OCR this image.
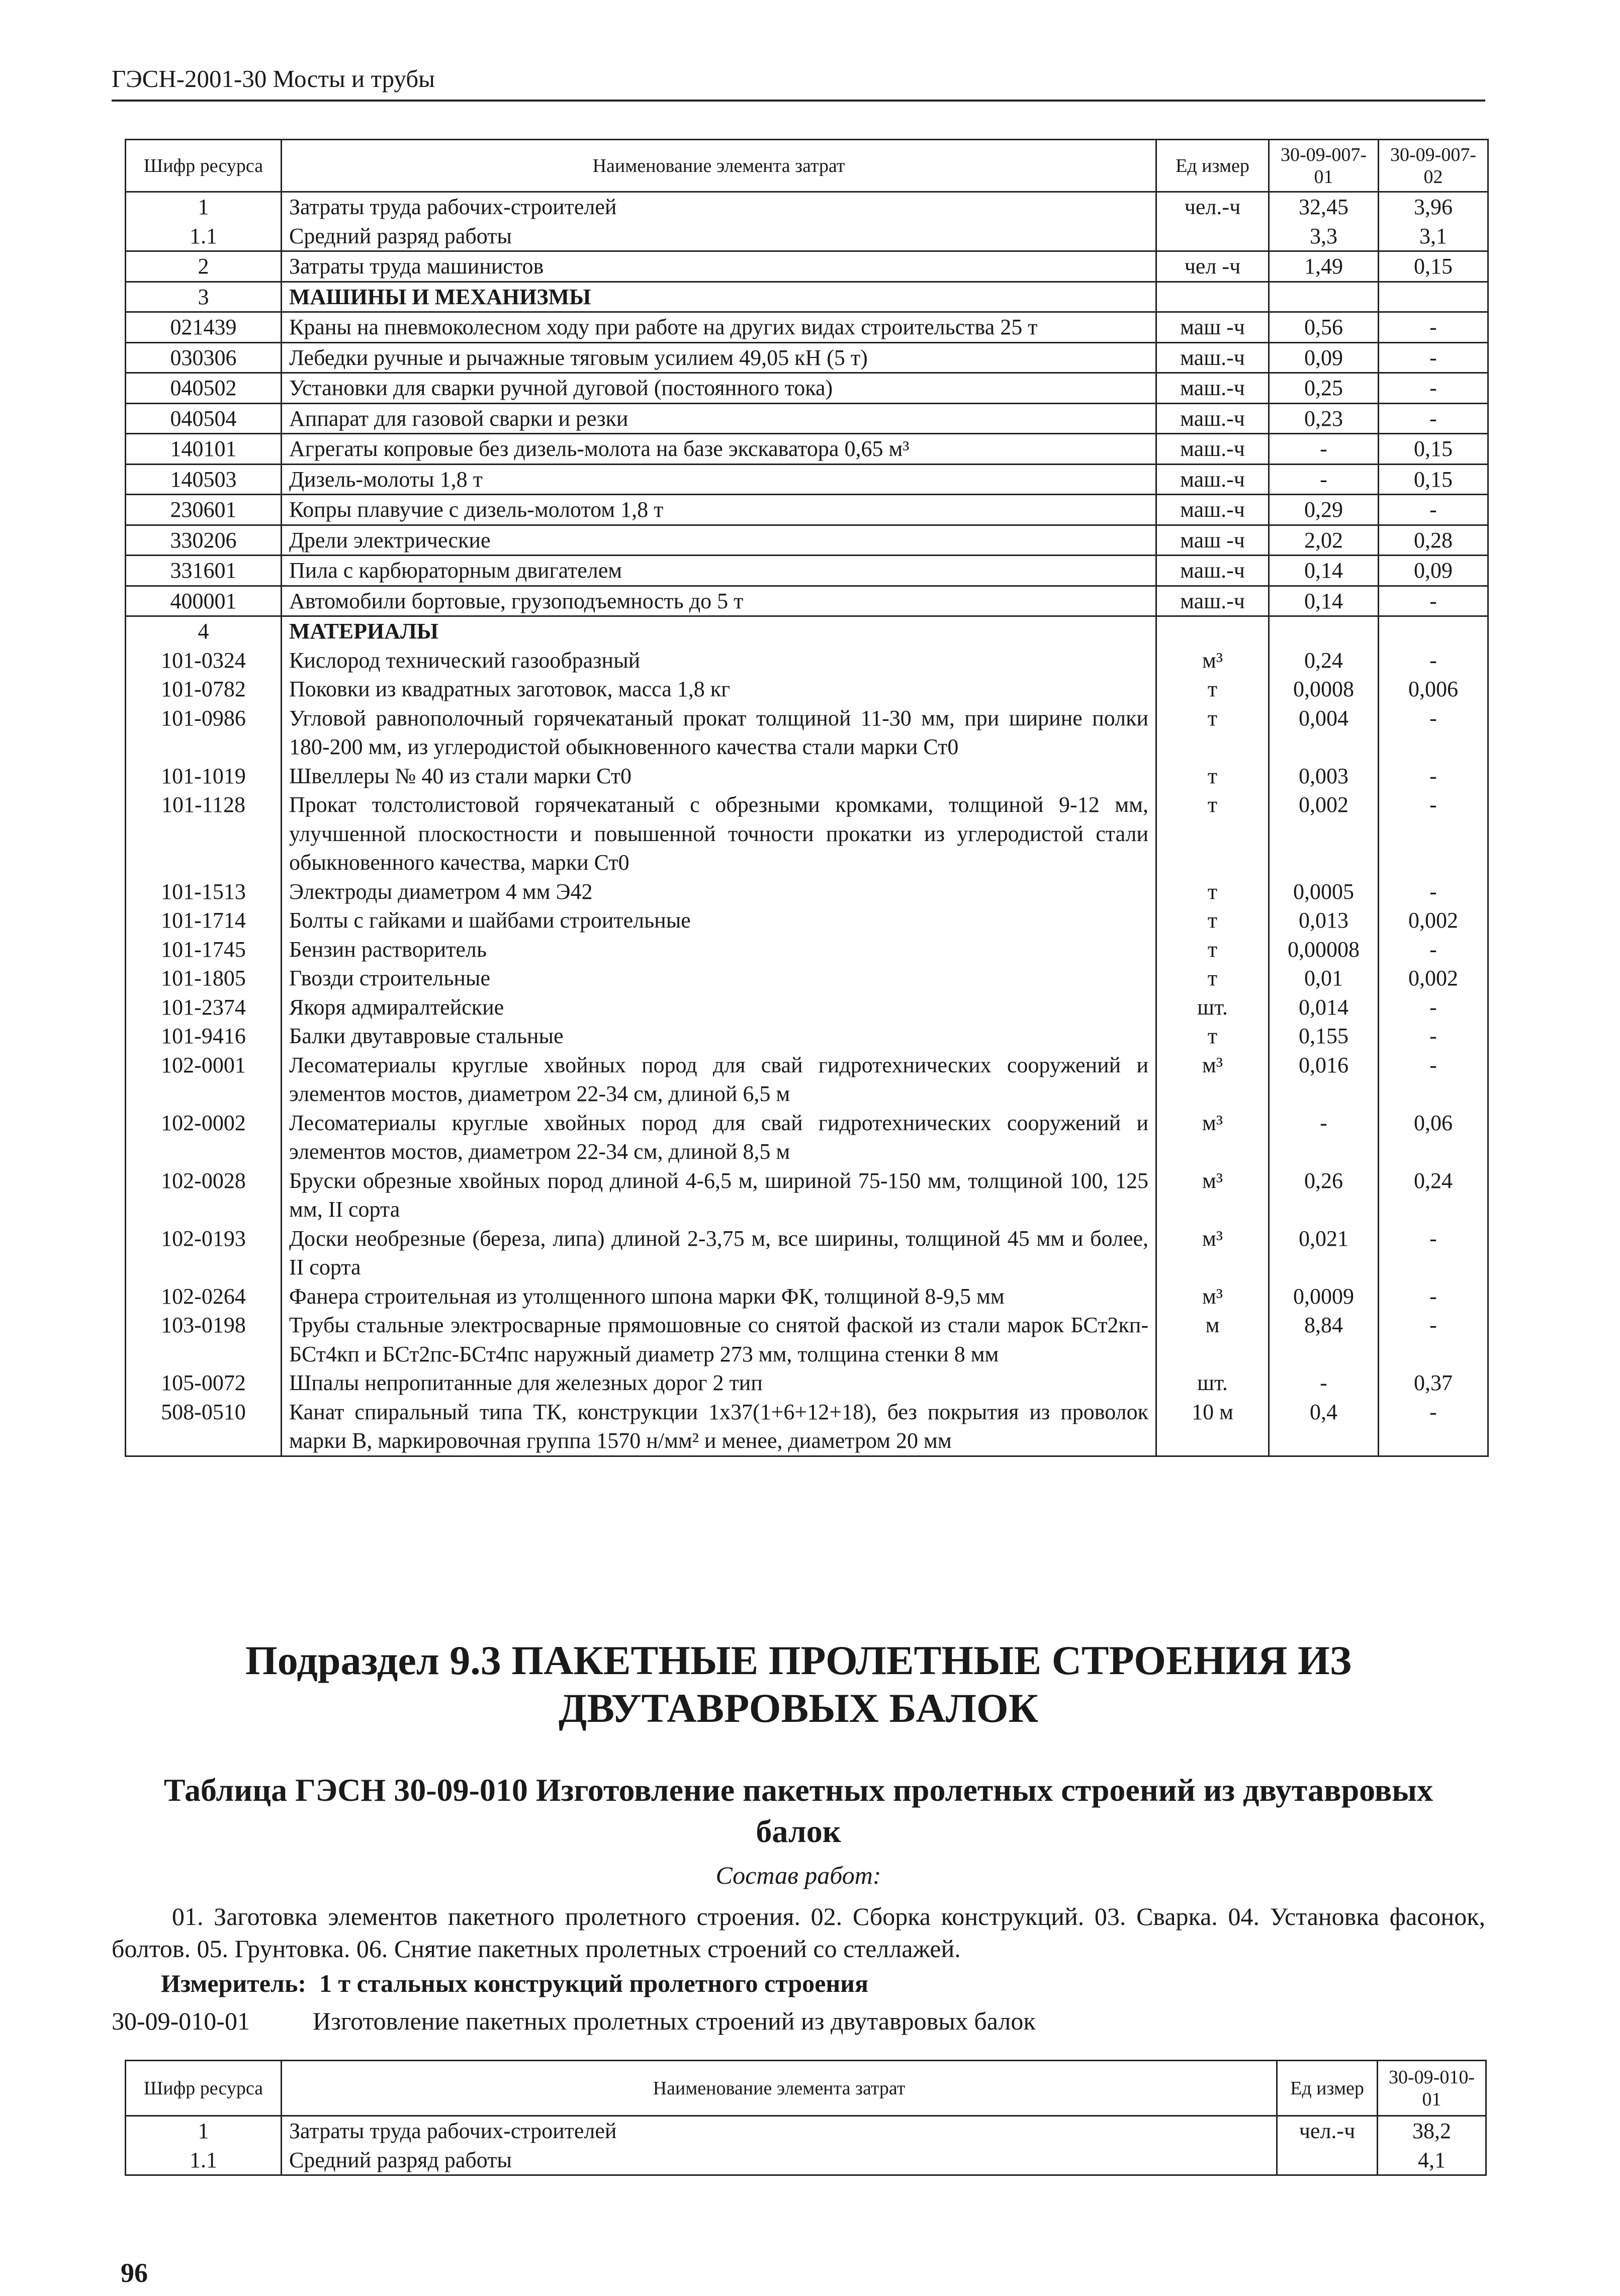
ГЭСН-2001-30 Мосты и трубы
Шифр ресурса	Наименование элемента затрат	Ед измер	30-09-007-01	30-09-007-02
1	Затраты труда рабочих-строителей	чел.-ч	32,45	3,96
1.1	Средний разряд работы		3,3	3,1
2	Затраты труда машинистов	чел -ч	1,49	0,15
3	МАШИНЫ И МЕХАНИЗМЫ			
021439	Краны на пневмоколесном ходу при работе на других видах строительства 25 т	маш -ч	0,56	-
030306	Лебедки ручные и рычажные тяговым усилием 49,05 кН (5 т)	маш.-ч	0,09	-
040502	Установки для сварки ручной дуговой (постоянного тока)	маш.-ч	0,25	-
040504	Аппарат для газовой сварки и резки	маш.-ч	0,23	-
140101	Агрегаты копровые без дизель-молота на базе экскаватора 0,65 м³	маш.-ч	-	0,15
140503	Дизель-молоты 1,8 т	маш.-ч	-	0,15
230601	Копры плавучие с дизель-молотом 1,8 т	маш.-ч	0,29	-
330206	Дрели электрические	маш -ч	2,02	0,28
331601	Пила с карбюраторным двигателем	маш.-ч	0,14	0,09
400001	Автомобили бортовые, грузоподъемность до 5 т	маш.-ч	0,14	-
4	МАТЕРИАЛЫ			
101-0324	Кислород технический газообразный	м³	0,24	-
101-0782	Поковки из квадратных заготовок, масса 1,8 кг	т	0,0008	0,006
101-0986	Угловой равнополочный горячекатаный прокат толщиной 11-30 мм, при ширине полки 180-200 мм, из углеродистой обыкновенного качества стали марки Ст0	т	0,004	-
101-1019	Швеллеры № 40 из стали марки Ст0	т	0,003	-
101-1128	Прокат толстолистовой горячекатаный с обрезными кромками, толщиной 9-12 мм, улучшенной плоскостности и повышенной точности прокатки из углеродистой стали обыкновенного качества, марки Ст0	т	0,002	-
101-1513	Электроды диаметром 4 мм Э42	т	0,0005	-
101-1714	Болты с гайками и шайбами строительные	т	0,013	0,002
101-1745	Бензин растворитель	т	0,00008	-
101-1805	Гвозди строительные	т	0,01	0,002
101-2374	Якоря адмиралтейские	шт.	0,014	-
101-9416	Балки двутавровые стальные	т	0,155	-
102-0001	Лесоматериалы круглые хвойных пород для свай гидротехнических сооружений и элементов мостов, диаметром 22-34 см, длиной 6,5 м	м³	0,016	-
102-0002	Лесоматериалы круглые хвойных пород для свай гидротехнических сооружений и элементов мостов, диаметром 22-34 см, длиной 8,5 м	м³	-	0,06
102-0028	Бруски обрезные хвойных пород длиной 4-6,5 м, шириной 75-150 мм, толщиной 100, 125 мм, II сорта	м³	0,26	0,24
102-0193	Доски необрезные (береза, липа) длиной 2-3,75 м, все ширины, толщиной 45 мм и более, II сорта	м³	0,021	-
102-0264	Фанера строительная из утолщенного шпона марки ФК, толщиной 8-9,5 мм	м³	0,0009	-
103-0198	Трубы стальные электросварные прямошовные со снятой фаской из стали марок БСт2кп-БСт4кп и БСт2пс-БСт4пс наружный диаметр 273 мм, толщина стенки 8 мм	м	8,84	-
105-0072	Шпалы непропитанные для железных дорог 2 тип	шт.	-	0,37
508-0510	Канат спиральный типа ТК, конструкции 1х37(1+6+12+18), без покрытия из проволок марки В, маркировочная группа 1570 н/мм² и менее, диаметром 20 мм	10 м	0,4	-
Подраздел 9.3 ПАКЕТНЫЕ ПРОЛЕТНЫЕ СТРОЕНИЯ ИЗ
ДВУТАВРОВЫХ БАЛОК
Таблица ГЭСН 30-09-010 Изготовление пакетных пролетных строений из двутавровых
балок
Состав работ:
01. Заготовка элементов пакетного пролетного строения. 02. Сборка конструкций. 03. Сварка. 04. Установка фасонок, болтов. 05. Грунтовка. 06. Снятие пакетных пролетных строений со стеллажей.
Измеритель: 1 т стальных конструкций пролетного строения
30-09-010-01	Изготовление пакетных пролетных строений из двутавровых балок
Шифр ресурса	Наименование элемента затрат	Ед измер	30-09-010-01
1	Затраты труда рабочих-строителей	чел.-ч	38,2
1.1	Средний разряд работы		4,1
96
